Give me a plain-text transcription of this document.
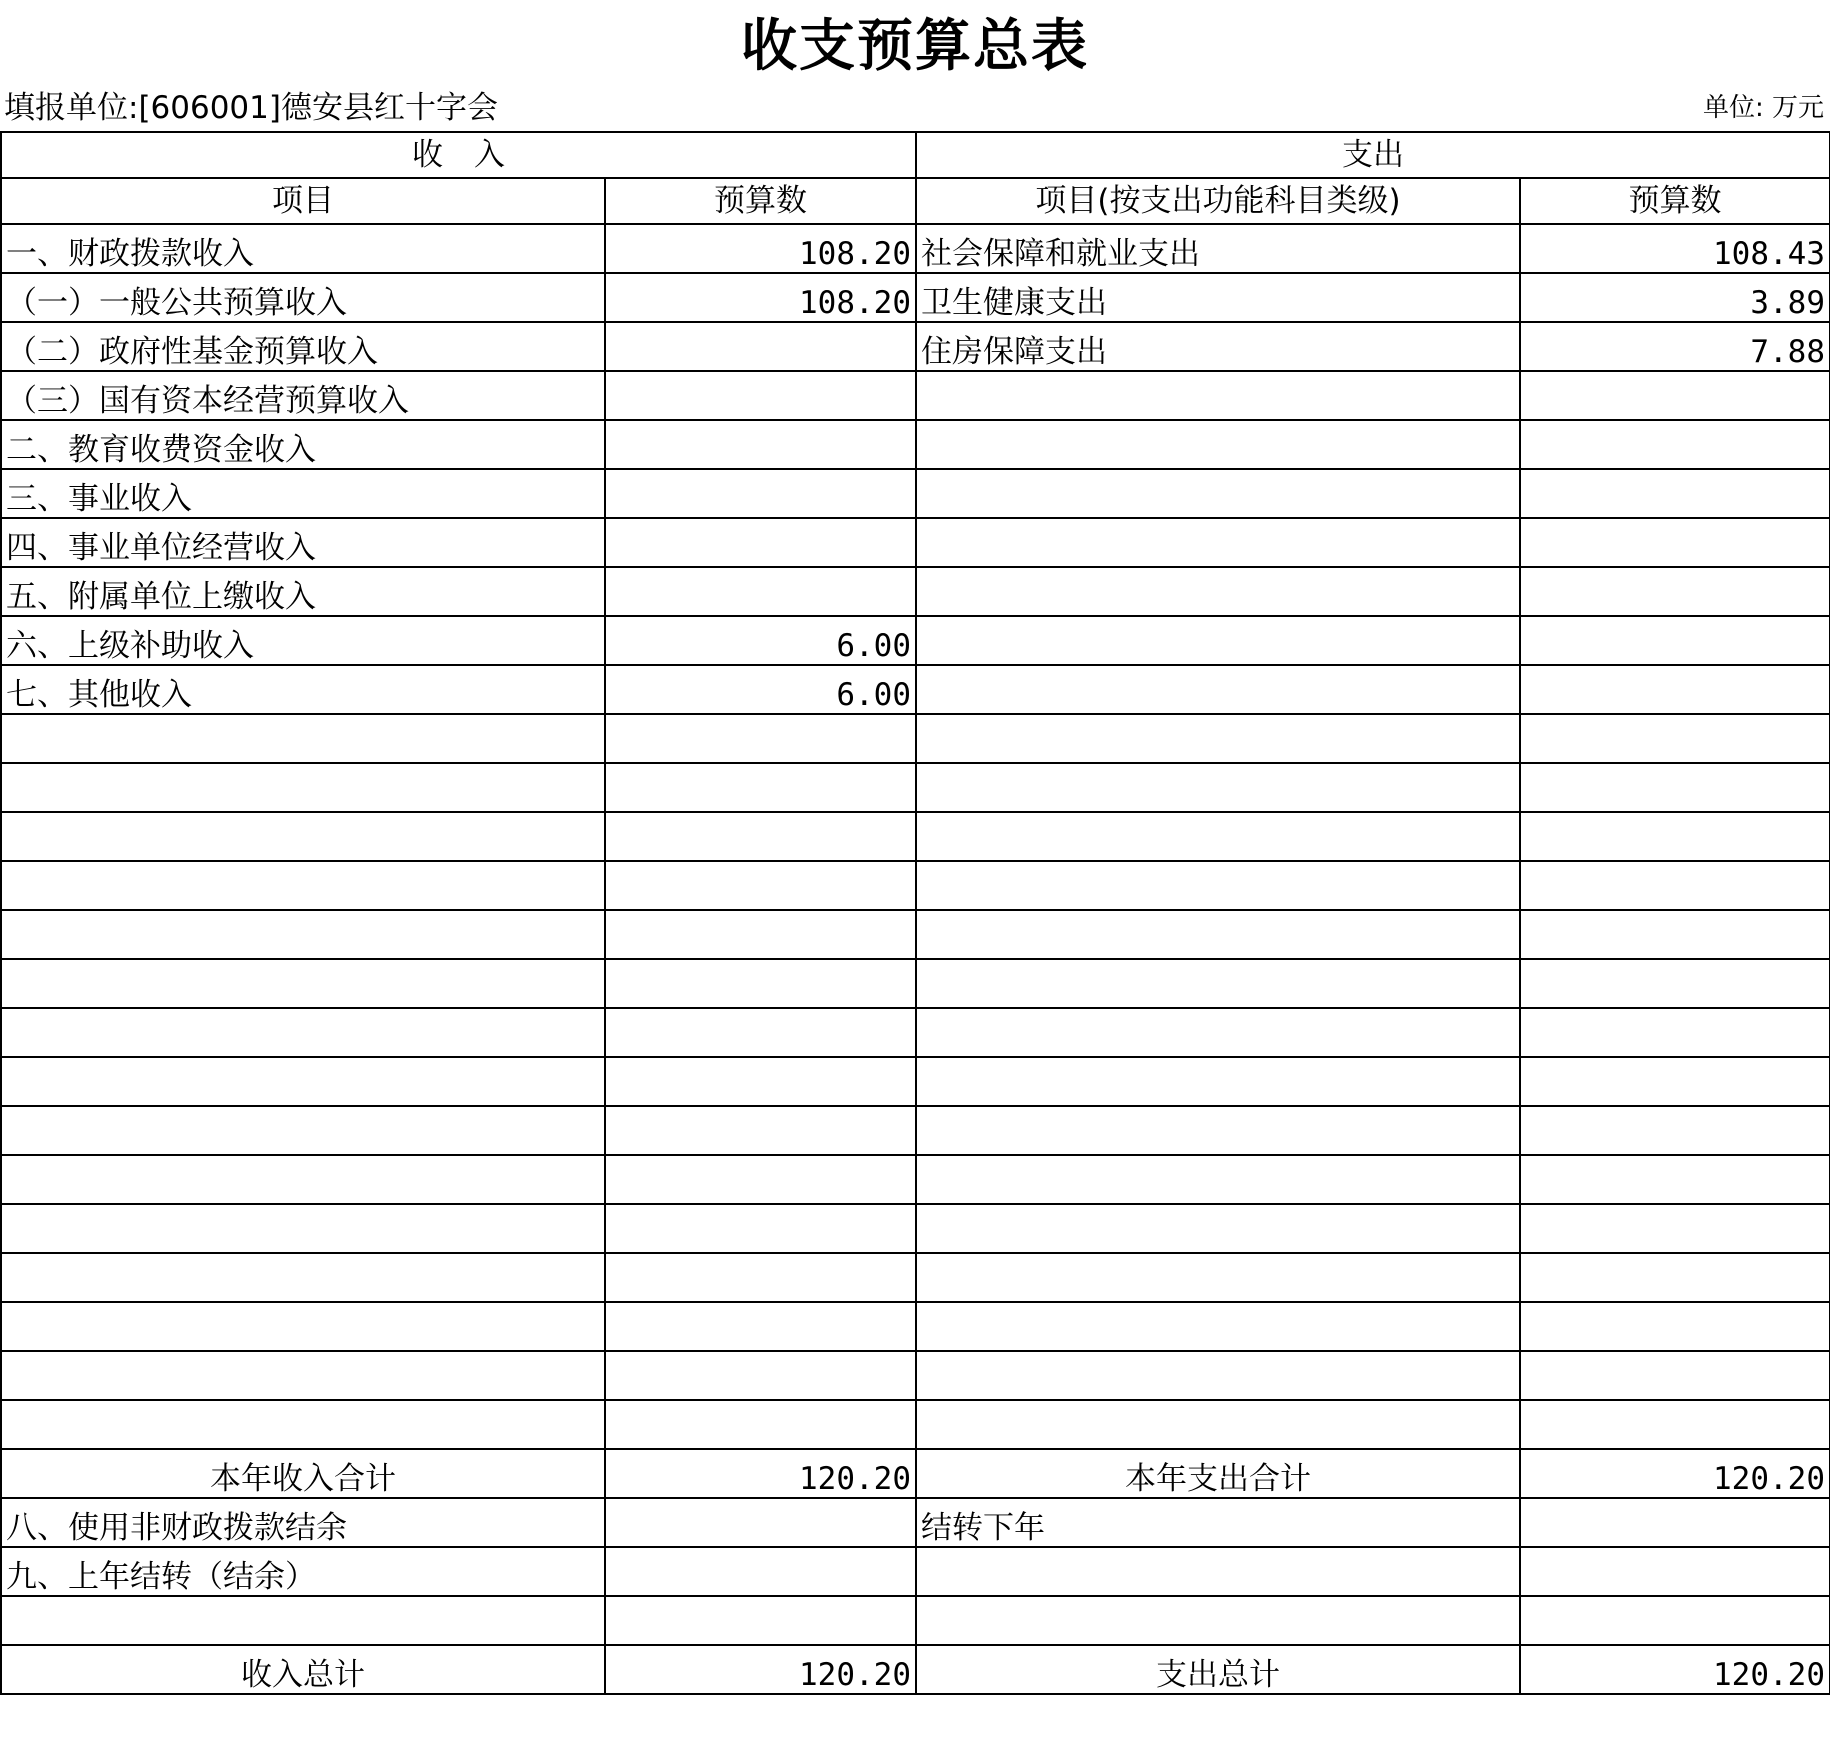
收支预算总表
填报单位:[606001]德安县红十字会	单位: 万元
收　入		支出	
项目	预算数	项目(按支出功能科目类级)	预算数
一、财政拨款收入	108.20	社会保障和就业支出	108.43
（一）一般公共预算收入	108.20	卫生健康支出	3.89
（二）政府性基金预算收入		住房保障支出	7.88
（三）国有资本经营预算收入			
二、教育收费资金收入			
三、事业收入			
四、事业单位经营收入			
五、附属单位上缴收入			
六、上级补助收入	6.00		
七、其他收入	6.00		

本年收入合计	120.20	本年支出合计	120.20
八、使用非财政拨款结余		结转下年	
九、上年结转（结余）			

收入总计	120.20	支出总计	120.20
